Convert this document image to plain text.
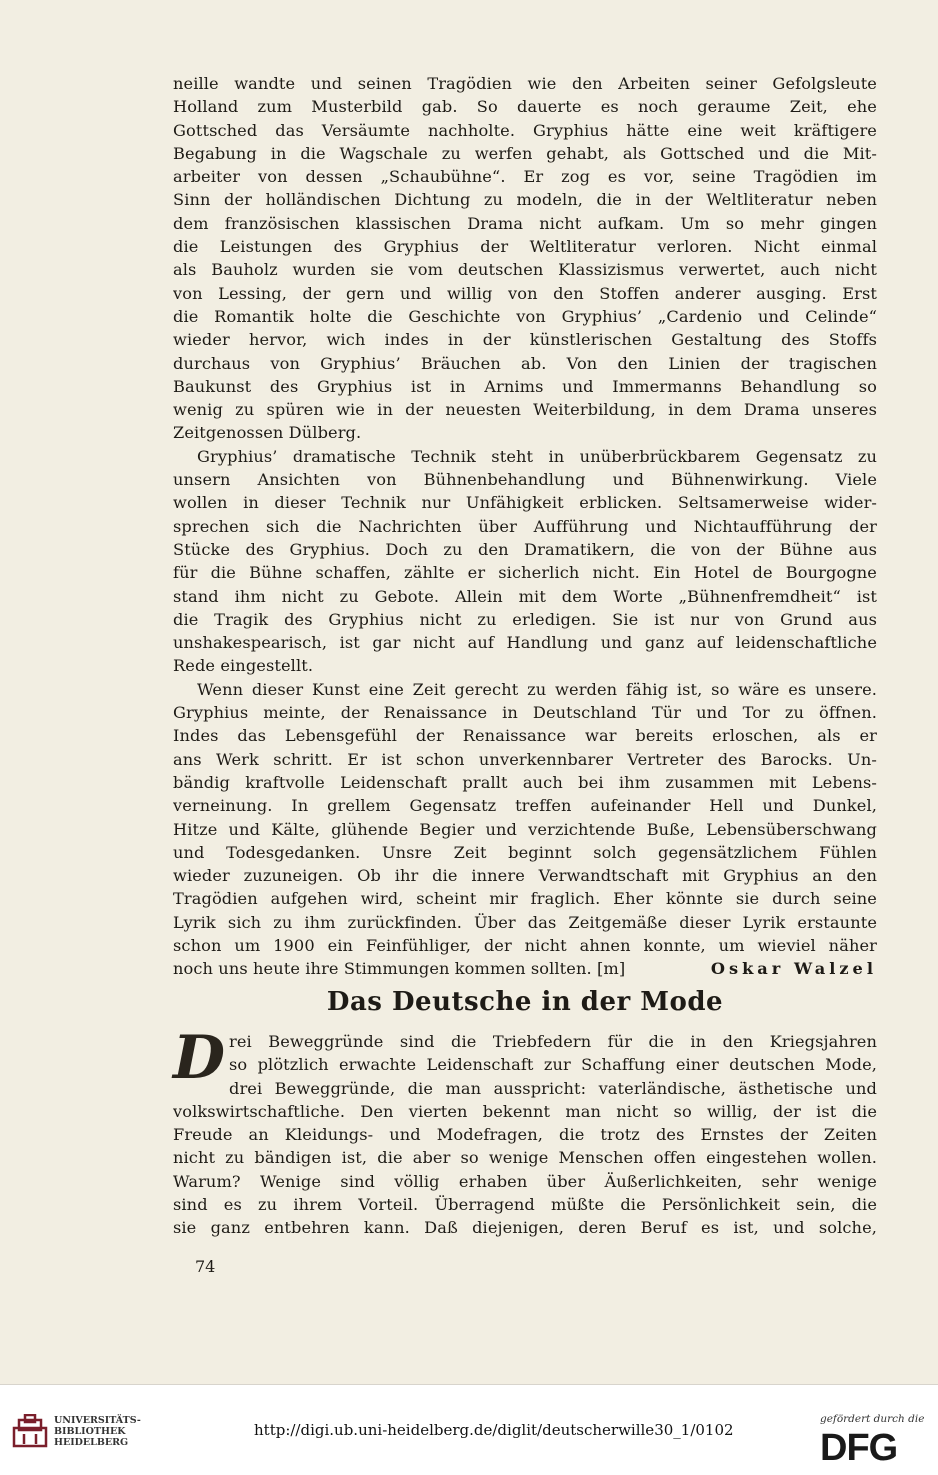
neille wandte und seinen Tragödien wie den Arbeiten seiner Gefolgsleute
Holland zum Musterbild gab. So dauerte es noch geraume Zeit, ehe
Gottsched das Versäumte nachholte. Gryphius hätte eine weit kräftigere
Begabung in die Wagschale zu werfen gehabt, als Gottsched und die Mit-
arbeiter von dessen „Schaubühne“. Er zog es vor, seine Tragödien im
Sinn der holländischen Dichtung zu modeln, die in der Weltliteratur neben
dem französischen klassischen Drama nicht aufkam. Um so mehr gingen
die Leistungen des Gryphius der Weltliteratur verloren. Nicht einmal
als Bauholz wurden sie vom deutschen Klassizismus verwertet, auch nicht
von Lessing, der gern und willig von den Stoffen anderer ausging. Erst
die Romantik holte die Geschichte von Gryphius’ „Cardenio und Celinde“
wieder hervor, wich indes in der künstlerischen Gestaltung des Stoffs
durchaus von Gryphius’ Bräuchen ab. Von den Linien der tragischen
Baukunst des Gryphius ist in Arnims und Immermanns Behandlung so
wenig zu spüren wie in der neuesten Weiterbildung, in dem Drama unseres
Zeitgenossen Dülberg.
Gryphius’ dramatische Technik steht in unüberbrückbarem Gegensatz zu
unsern Ansichten von Bühnenbehandlung und Bühnenwirkung. Viele
wollen in dieser Technik nur Unfähigkeit erblicken. Seltsamerweise wider-
sprechen sich die Nachrichten über Aufführung und Nichtaufführung der
Stücke des Gryphius. Doch zu den Dramatikern, die von der Bühne aus
für die Bühne schaffen, zählte er sicherlich nicht. Ein Hotel de Bourgogne
stand ihm nicht zu Gebote. Allein mit dem Worte „Bühnenfremdheit“ ist
die Tragik des Gryphius nicht zu erledigen. Sie ist nur von Grund aus
unshakespearisch, ist gar nicht auf Handlung und ganz auf leidenschaftliche
Rede eingestellt.
Wenn dieser Kunst eine Zeit gerecht zu werden fähig ist, so wäre es unsere.
Gryphius meinte, der Renaissance in Deutschland Tür und Tor zu öffnen.
Indes das Lebensgefühl der Renaissance war bereits erloschen, als er
ans Werk schritt. Er ist schon unverkennbarer Vertreter des Barocks. Un-
bändig kraftvolle Leidenschaft prallt auch bei ihm zusammen mit Lebens-
verneinung. In grellem Gegensatz treffen aufeinander Hell und Dunkel,
Hitze und Kälte, glühende Begier und verzichtende Buße, Lebensüberschwang
und Todesgedanken. Unsre Zeit beginnt solch gegensätzlichem Fühlen
wieder zuzuneigen. Ob ihr die innere Verwandtschaft mit Gryphius an den
Tragödien aufgehen wird, scheint mir fraglich. Eher könnte sie durch seine
Lyrik sich zu ihm zurückfinden. Über das Zeitgemäße dieser Lyrik erstaunte
schon um 1900 ein Feinfühliger, der nicht ahnen konnte, um wieviel näher
noch uns heute ihre Stimmungen kommen sollten. [m]	Oskar Walzel
Das Deutsche in der Mode
D rei Beweggründe sind die Triebfedern für die in den Kriegsjahren
so plötzlich erwachte Leidenschaft zur Schaffung einer deutschen Mode,
drei Beweggründe, die man ausspricht: vaterländische, ästhetische und
volkswirtschaftliche. Den vierten bekennt man nicht so willig, der ist die
Freude an Kleidungs- und Modefragen, die trotz des Ernstes der Zeiten
nicht zu bändigen ist, die aber so wenige Menschen offen eingestehen wollen.
Warum? Wenige sind völlig erhaben über Äußerlichkeiten, sehr wenige
sind es zu ihrem Vorteil. Überragend müßte die Persönlichkeit sein, die
sie ganz entbehren kann. Daß diejenigen, deren Beruf es ist, und solche,
74
UNIVERSITÄTS-
BIBLIOTHEK
HEIDELBERG
http://digi.ub.uni-heidelberg.de/diglit/deutscherwille30_1/0102
gefördert durch die
DFG
